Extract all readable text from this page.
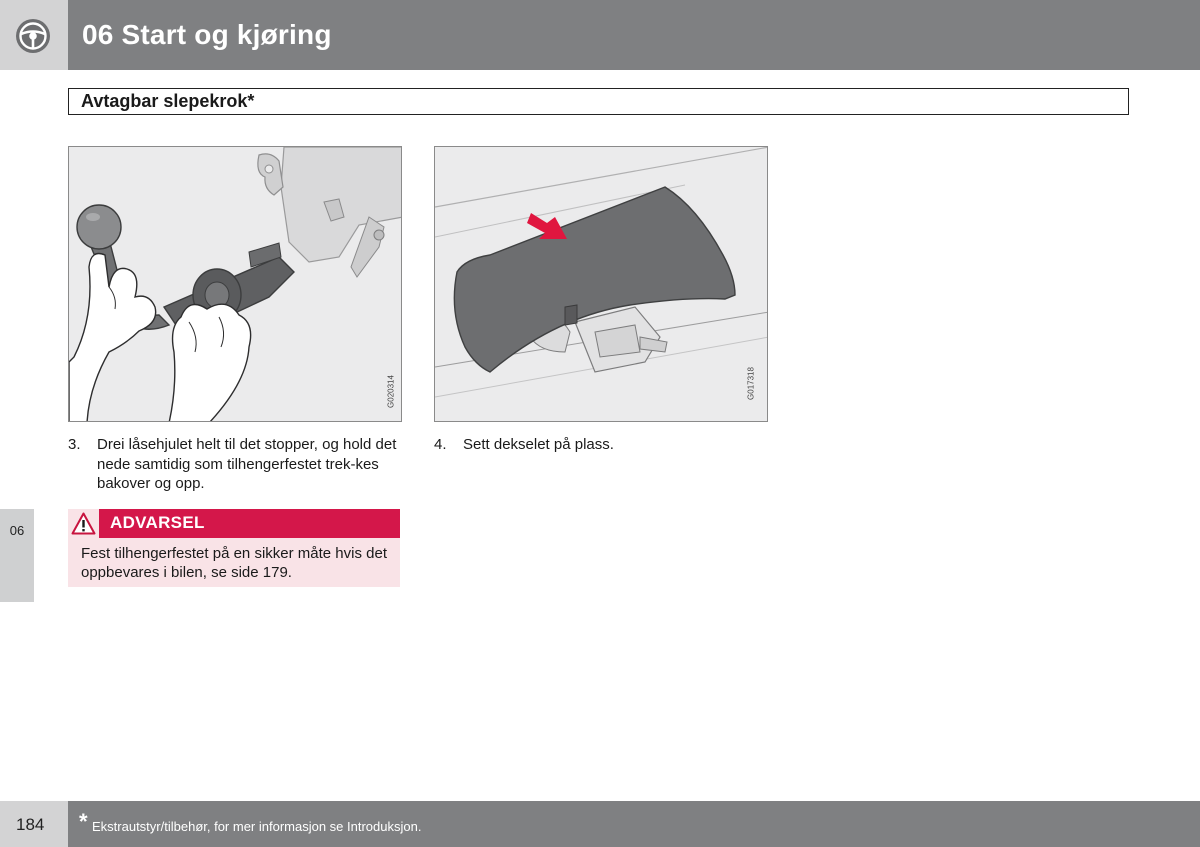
06 Start og kjøring
Avtagbar slepekrok*
G020314	G017318
3. Drei låsehjulet helt til det stopper, og hold det nede samtidig som tilhengerfestet trek-kes bakover og opp.
4. Sett dekselet på plass.
06	ADVARSEL
Fest tilhengerfestet på en sikker måte hvis det oppbevares i bilen, se side 179.
184 * Ekstrautstyr/tilbehør, for mer informasjon se Introduksjon.
